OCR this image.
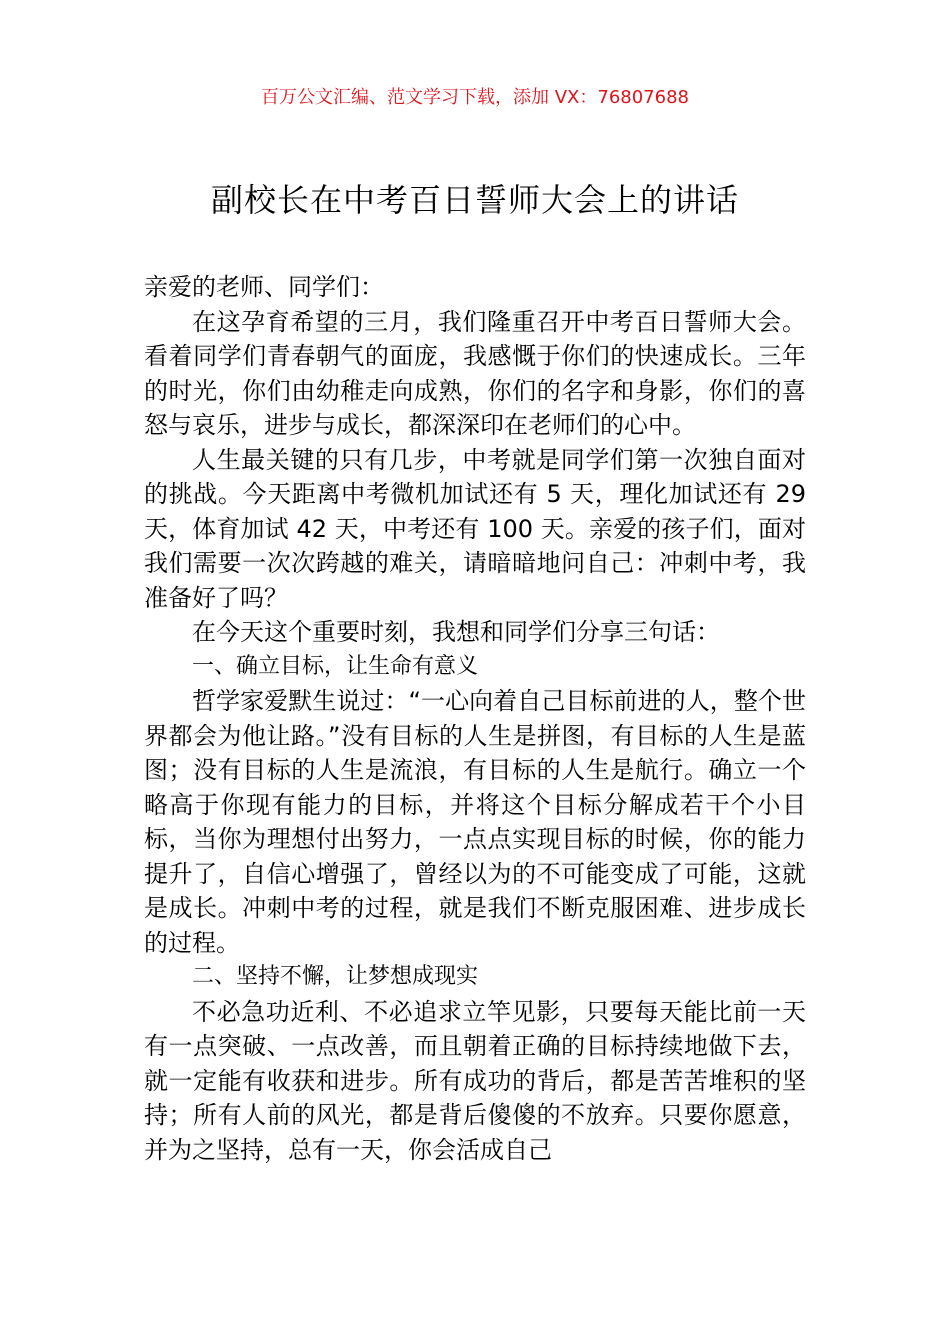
百万公文汇编、范文学习下载，添加 VX：76807688
副校长在中考百日誓师大会上的讲话

亲爱的老师、同学们：

在这孕育希望的三月，我们隆重召开中考百日誓师大会。看着同学们青春朝气的面庞，我感慨于你们的快速成长。三年的时光，你们由幼稚走向成熟，你们的名字和身影，你们的喜怒与哀乐，进步与成长，都深深印在老师们的心中。

人生最关键的只有几步，中考就是同学们第一次独自面对的挑战。今天距离中考微机加试还有 5 天，理化加试还有 29 天，体育加试 42 天，中考还有 100 天。亲爱的孩子们，面对我们需要一次次跨越的难关，请暗暗地问自己：冲刺中考，我准备好了吗？

在今天这个重要时刻，我想和同学们分享三句话：

一、确立目标，让生命有意义

哲学家爱默生说过：“一心向着自己目标前进的人，整个世界都会为他让路。”没有目标的人生是拼图，有目标的人生是蓝图；没有目标的人生是流浪，有目标的人生是航行。确立一个略高于你现有能力的目标，并将这个目标分解成若干个小目标，当你为理想付出努力，一点点实现目标的时候，你的能力提升了，自信心增强了，曾经以为的不可能变成了可能，这就是成长。冲刺中考的过程，就是我们不断克服困难、进步成长的过程。

二、坚持不懈，让梦想成现实

不必急功近利、不必追求立竿见影，只要每天能比前一天有一点突破、一点改善，而且朝着正确的目标持续地做下去，就一定能有收获和进步。所有成功的背后，都是苦苦堆积的坚持；所有人前的风光，都是背后傻傻的不放弃。只要你愿意，并为之坚持，总有一天，你会活成自己
